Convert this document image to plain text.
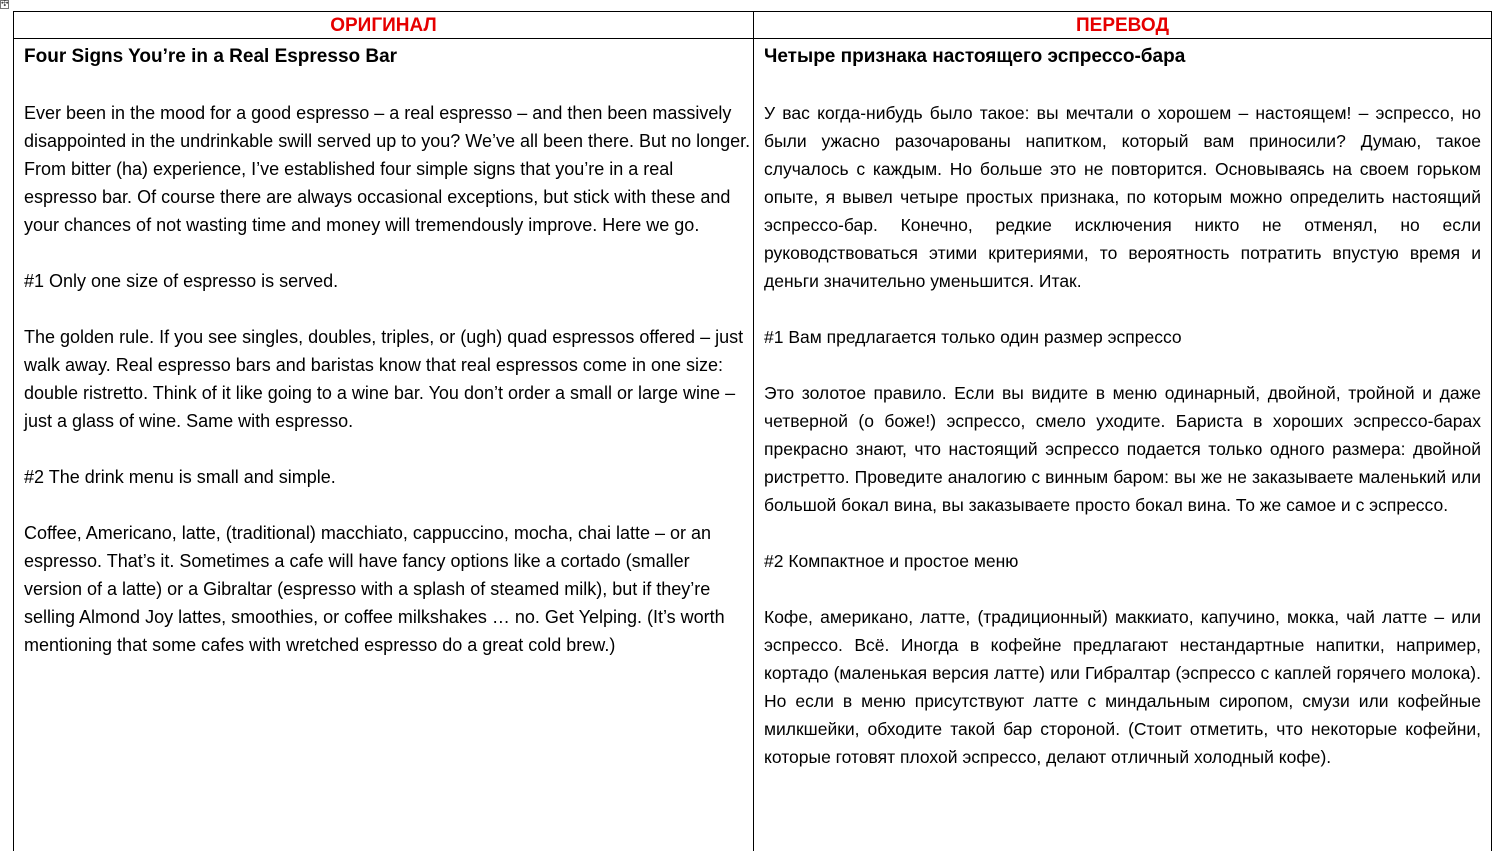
✣
ОРИГИНАЛ
Four Signs You’re in a Real Espresso Bar
Ever been in the mood for a good espresso – a real espresso – and then been massively disappointed in the undrinkable swill served up to you? We’ve all been there. But no longer. From bitter (ha) experience, I’ve established four simple signs that you’re in a real espresso bar. Of course there are always occasional exceptions, but stick with these and your chances of not wasting time and money will tremendously improve. Here we go.
#1 Only one size of espresso is served.
The golden rule. If you see singles, doubles, triples, or (ugh) quad espressos offered – just walk away. Real espresso bars and baristas know that real espressos come in one size: double ristretto. Think of it like going to a wine bar. You don’t order a small or large wine – just a glass of wine. Same with espresso.
#2 The drink menu is small and simple.
Coffee, Americano, latte, (traditional) macchiato, cappuccino, mocha, chai latte – or an espresso. That’s it. Sometimes a cafe will have fancy options like a cortado (smaller version of a latte) or a Gibraltar (espresso with a splash of steamed milk), but if they’re selling Almond Joy lattes, smoothies, or coffee milkshakes … no. Get Yelping. (It’s worth mentioning that some cafes with wretched espresso do a great cold brew.)
ПЕРЕВОД
Четыре признака настоящего эспрессо-бара
У вас когда-нибудь было такое: вы мечтали о хорошем – настоящем! – эспрессо, но были ужасно разочарованы напитком, который вам приносили? Думаю, такое случалось с каждым. Но больше это не повторится. Основываясь на своем горьком опыте, я вывел четыре простых признака, по которым можно определить настоящий эспрессо-бар. Конечно, редкие исключения никто не отменял, но если руководствоваться этими критериями, то вероятность потратить впустую время и деньги значительно уменьшится. Итак.
#1 Вам предлагается только один размер эспрессо
Это золотое правило. Если вы видите в меню одинарный, двойной, тройной и даже четверной (о боже!) эспрессо, смело уходите. Бариста в хороших эспрессо-барах прекрасно знают, что настоящий эспрессо подается только одного размера: двойной ристретто. Проведите аналогию с винным баром: вы же не заказываете маленький или большой бокал вина, вы заказываете просто бокал вина. То же самое и с эспрессо.
#2 Компактное и простое меню
Кофе, американо, латте, (традиционный) маккиато, капучино, мокка, чай латте – или эспрессо. Всё. Иногда в кофейне предлагают нестандартные напитки, например, кортадо (маленькая версия латте) или Гибралтар (эспрессо с каплей горячего молока). Но если в меню присутствуют латте с миндальным сиропом, смузи или кофейные милкшейки, обходите такой бар стороной. (Стоит отметить, что некоторые кофейни, которые готовят плохой эспрессо, делают отличный холодный кофе).
